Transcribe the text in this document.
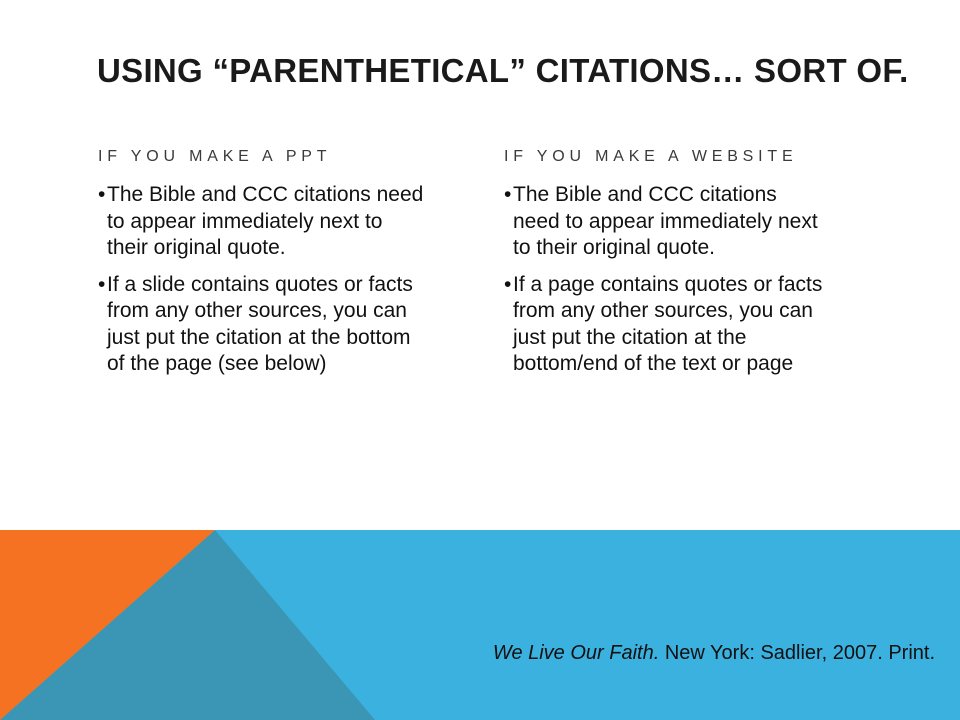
USING “PARENTHETICAL” CITATIONS… SORT OF.
IF YOU MAKE A PPT
• The Bible and CCC citations need to appear immediately next to their original quote.
• If a slide contains quotes or facts from any other sources, you can just put the citation at the bottom of the page (see below)
IF YOU MAKE A WEBSITE
• The Bible and CCC citations need to appear immediately next to their original quote.
• If a page contains quotes or facts from any other sources, you can just put the citation at the bottom/end of the text or page
We Live Our Faith. New York: Sadlier, 2007. Print.
